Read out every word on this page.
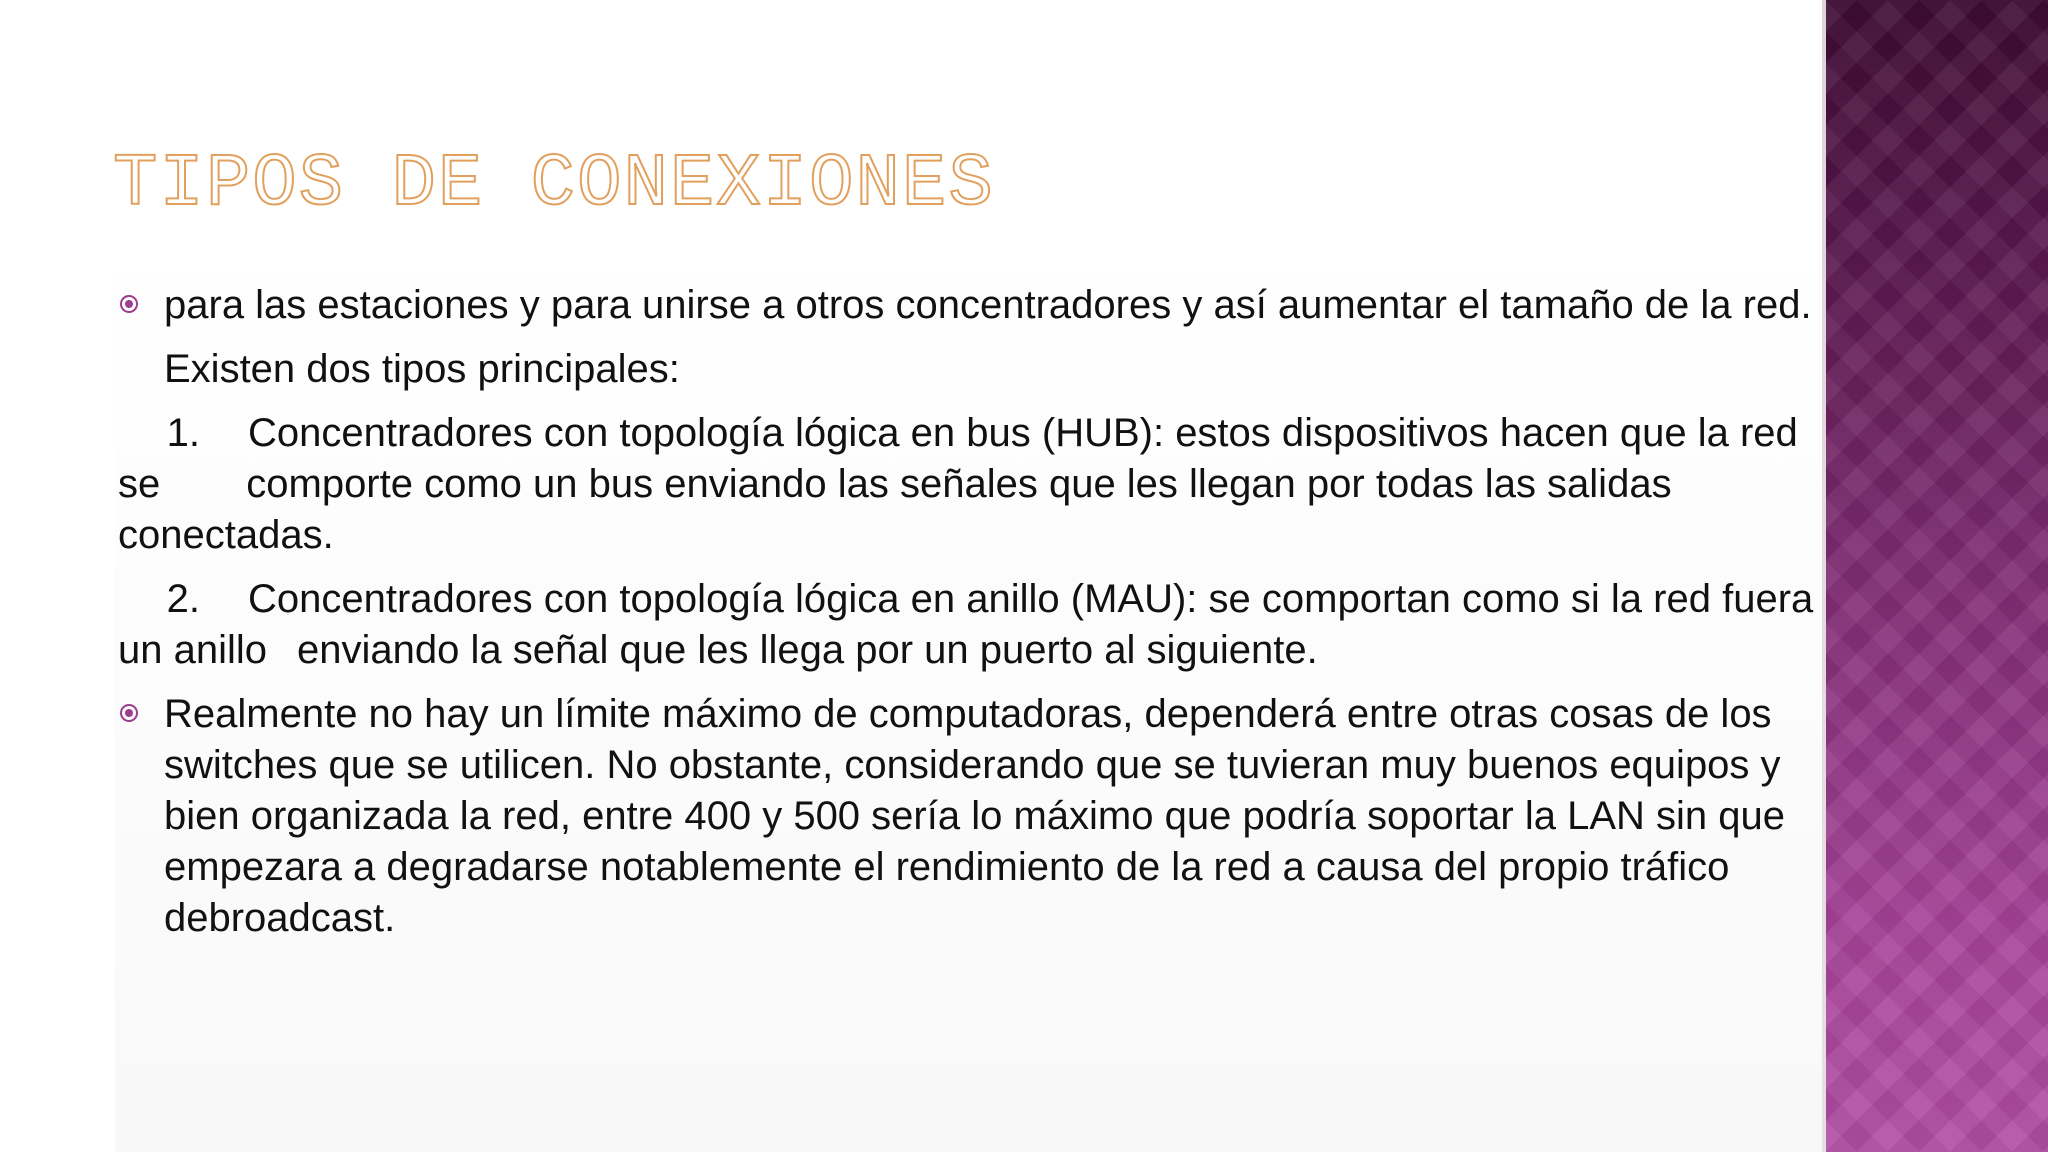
TIPOS DE CONEXIONES

para las estaciones y para unirse a otros concentradores y así aumentar el tamaño de la red.

Existen dos tipos principales:

1. Concentradores con topología lógica en bus (HUB): estos dispositivos hacen que la red se comporte como un bus enviando las señales que les llegan por todas las salidas conectadas.

2. Concentradores con topología lógica en anillo (MAU): se comportan como si la red fuera un anillo enviando la señal que les llega por un puerto al siguiente.

Realmente no hay un límite máximo de computadoras, dependerá entre otras cosas de los switches que se utilicen. No obstante, considerando que se tuvieran muy buenos equipos y bien organizada la red, entre 400 y 500 sería lo máximo que podría soportar la LAN sin que empezara a degradarse notablemente el rendimiento de la red a causa del propio tráfico debroadcast.
